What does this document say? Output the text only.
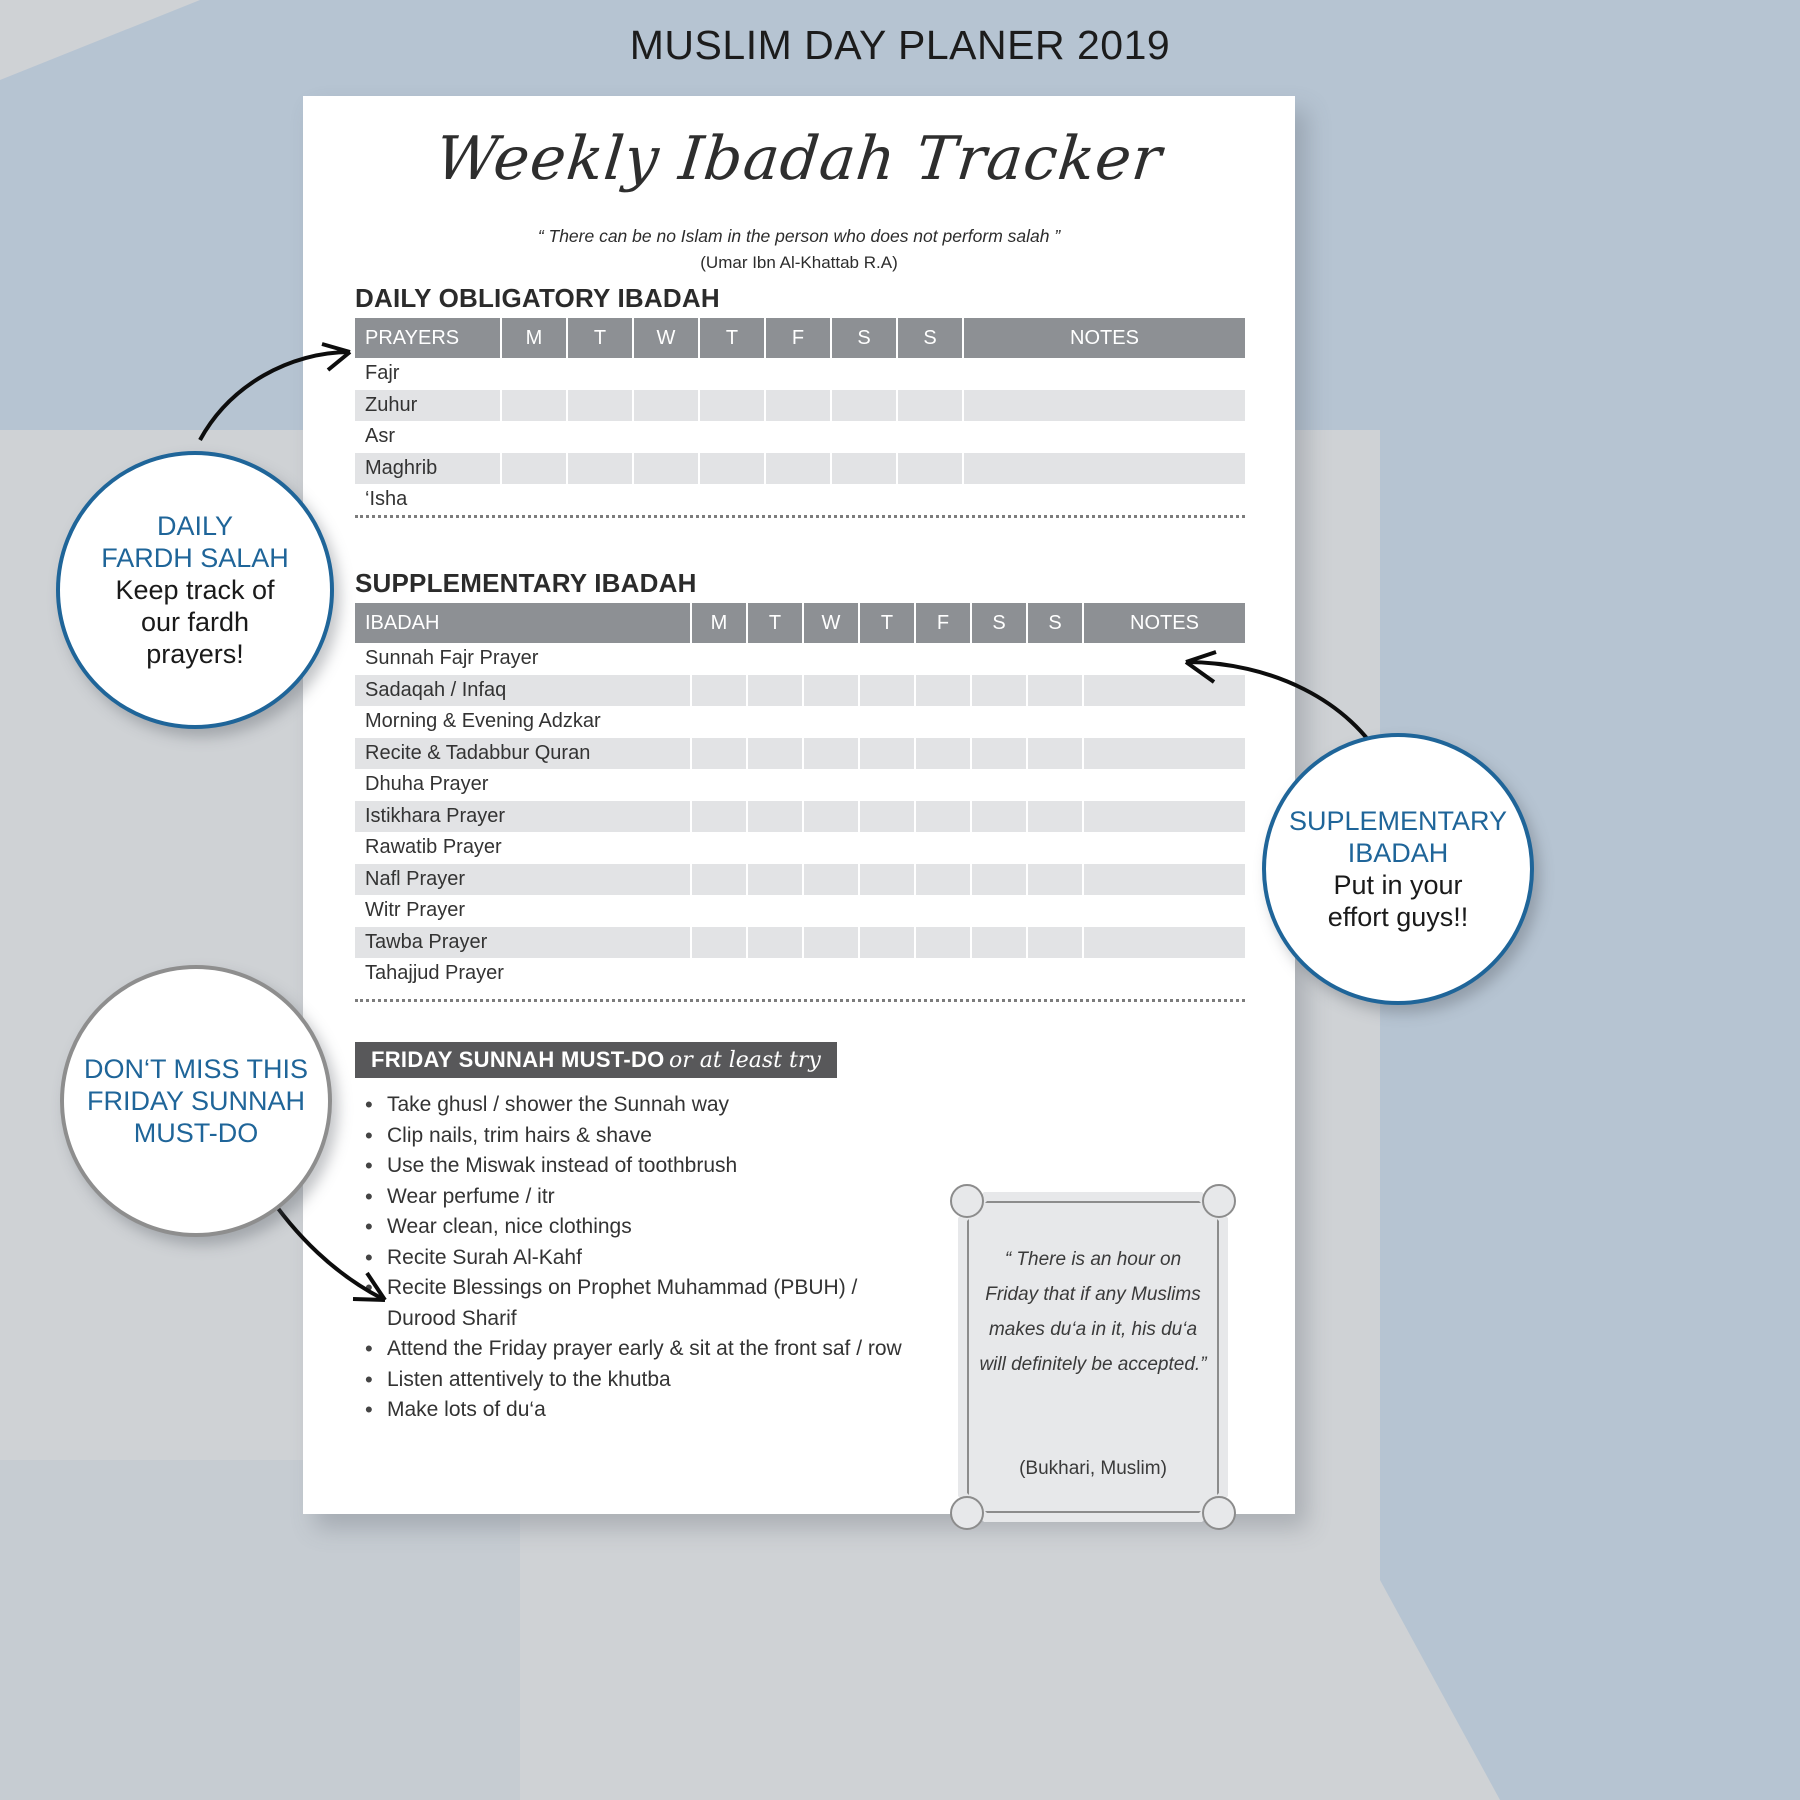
MUSLIM DAY PLANER 2019
Weekly Ibadah Tracker
“ There can be no Islam in the person who does not perform salah ”
(Umar Ibn Al-Khattab R.A)
DAILY OBLIGATORY IBADAH
PRAYERS	M	T	W	T	F	S	S	NOTES
Fajr								
Zuhur								
Asr								
Maghrib								
‘Isha								
SUPPLEMENTARY IBADAH
IBADAH	M	T	W	T	F	S	S	NOTES
Sunnah Fajr Prayer								
Sadaqah / Infaq								
Morning & Evening Adzkar								
Recite & Tadabbur Quran								
Dhuha Prayer								
Istikhara Prayer								
Rawatib Prayer								
Nafl Prayer								
Witr Prayer								
Tawba Prayer								
Tahajjud Prayer								
FRIDAY SUNNAH MUST-DO or at least try
• Take ghusl / shower the Sunnah way
• Clip nails, trim hairs & shave
• Use the Miswak instead of toothbrush
• Wear perfume / itr
• Wear clean, nice clothings
• Recite Surah Al-Kahf
• Recite Blessings on Prophet Muhammad (PBUH) / Durood Sharif
• Attend the Friday prayer early & sit at the front saf / row
• Listen attentively to the khutba
• Make lots of du‘a
“ There is an hour on Friday that if any Muslims makes du‘a in it, his du‘a will definitely be accepted.”
(Bukhari, Muslim)
DAILY
FARDH SALAH
Keep track of
our fardh
prayers!
SUPLEMENTARY
IBADAH
Put in your
effort guys!!
DON‘T MISS THIS
FRIDAY SUNNAH
MUST-DO
